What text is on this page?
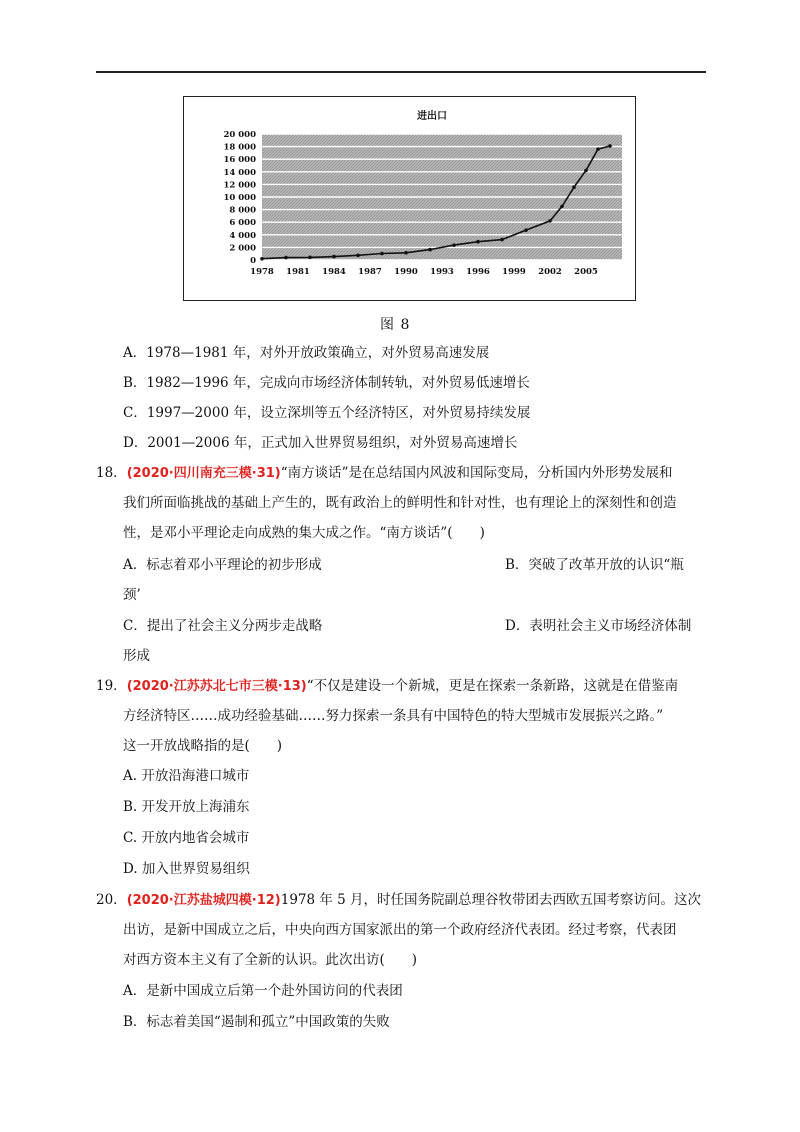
进出口
0
2 000
4 000
6 000
8 000
10 000
12 000
14 000
16 000
18 000
20 000
1978 1981 1984 1987 1990 1993 1996 1999 2002 2005
图 8
A．1978—1981 年，对外开放政策确立，对外贸易高速发展
B．1982—1996 年，完成向市场经济体制转轨，对外贸易低速增长
C．1997—2000 年，设立深圳等五个经济特区，对外贸易持续发展
D．2001—2006 年，正式加入世界贸易组织，对外贸易高速增长
18．(2020·四川南充三模·31)“南方谈话”是在总结国内风波和国际变局，分析国内外形势发展和
我们所面临挑战的基础上产生的，既有政治上的鲜明性和针对性，也有理论上的深刻性和创造
性，是邓小平理论走向成熟的集大成之作。“南方谈话”(　　)
A．标志着邓小平理论的初步形成	B．突破了改革开放的认识“瓶
颈’
C．提出了社会主义分两步走战略	D．表明社会主义市场经济体制
形成
19．(2020·江苏苏北七市三模·13)“不仅是建设一个新城，更是在探索一条新路，这就是在借鉴南
方经济特区……成功经验基础……努力探索一条具有中国特色的特大型城市发展振兴之路。”
这一开放战略指的是(　　)
A. 开放沿海港口城市
B. 开发开放上海浦东
C. 开放内地省会城市
D. 加入世界贸易组织
20．(2020·江苏盐城四模·12)1978 年 5 月，时任国务院副总理谷牧带团去西欧五国考察访问。这次
出访，是新中国成立之后，中央向西方国家派出的第一个政府经济代表团。经过考察，代表团
对西方资本主义有了全新的认识。此次出访(　　)
A．是新中国成立后第一个赴外国访问的代表团
B．标志着美国“遏制和孤立”中国政策的失败
